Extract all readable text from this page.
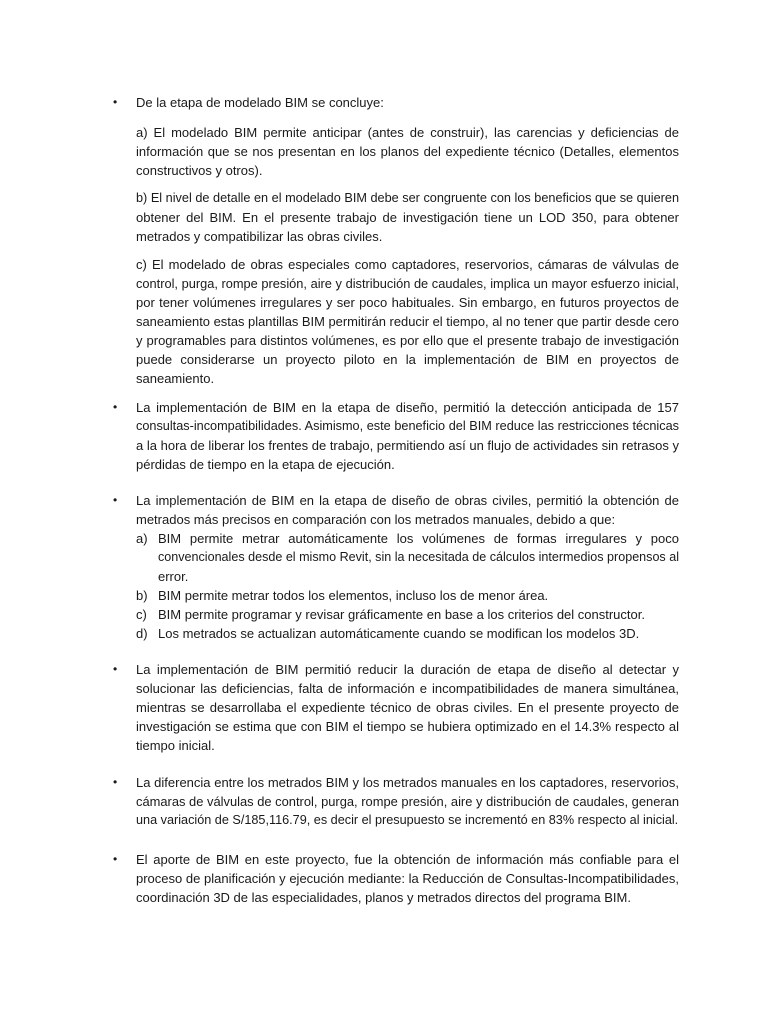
•	De la etapa de modelado BIM se concluye:
a) El modelado BIM permite anticipar (antes de construir), las carencias y deficiencias de
información que se nos presentan en los planos del expediente técnico (Detalles, elementos
constructivos y otros).
b) El nivel de detalle en el modelado BIM debe ser congruente con los beneficios que se quieren
obtener del BIM. En el presente trabajo de investigación tiene un LOD 350, para obtener
metrados y compatibilizar las obras civiles.
c) El modelado de obras especiales como captadores, reservorios, cámaras de válvulas de
control, purga, rompe presión, aire y distribución de caudales, implica un mayor esfuerzo inicial,
por tener volúmenes irregulares y ser poco habituales. Sin embargo, en futuros proyectos de
saneamiento estas plantillas BIM permitirán reducir el tiempo, al no tener que partir desde cero
y programables para distintos volúmenes, es por ello que el presente trabajo de investigación
puede considerarse un proyecto piloto en la implementación de BIM en proyectos de
saneamiento.
•	La implementación de BIM en la etapa de diseño, permitió la detección anticipada de 157
consultas-incompatibilidades. Asimismo, este beneficio del BIM reduce las restricciones técnicas
a la hora de liberar los frentes de trabajo, permitiendo así un flujo de actividades sin retrasos y
pérdidas de tiempo en la etapa de ejecución.
•	La implementación de BIM en la etapa de diseño de obras civiles, permitió la obtención de
metrados más precisos en comparación con los metrados manuales, debido a que:
a) BIM permite metrar automáticamente los volúmenes de formas irregulares y poco
convencionales desde el mismo Revit, sin la necesitada de cálculos intermedios propensos al
error.
b) BIM permite metrar todos los elementos, incluso los de menor área.
c) BIM permite programar y revisar gráficamente en base a los criterios del constructor.
d) Los metrados se actualizan automáticamente cuando se modifican los modelos 3D.
•	La implementación de BIM permitió reducir la duración de etapa de diseño al detectar y
solucionar las deficiencias, falta de información e incompatibilidades de manera simultánea,
mientras se desarrollaba el expediente técnico de obras civiles. En el presente proyecto de
investigación se estima que con BIM el tiempo se hubiera optimizado en el 14.3% respecto al
tiempo inicial.
•	La diferencia entre los metrados BIM y los metrados manuales en los captadores, reservorios,
cámaras de válvulas de control, purga, rompe presión, aire y distribución de caudales, generan
una variación de S/185,116.79, es decir el presupuesto se incrementó en 83% respecto al inicial.
•	El aporte de BIM en este proyecto, fue la obtención de información más confiable para el
proceso de planificación y ejecución mediante: la Reducción de Consultas-Incompatibilidades,
coordinación 3D de las especialidades, planos y metrados directos del programa BIM.
